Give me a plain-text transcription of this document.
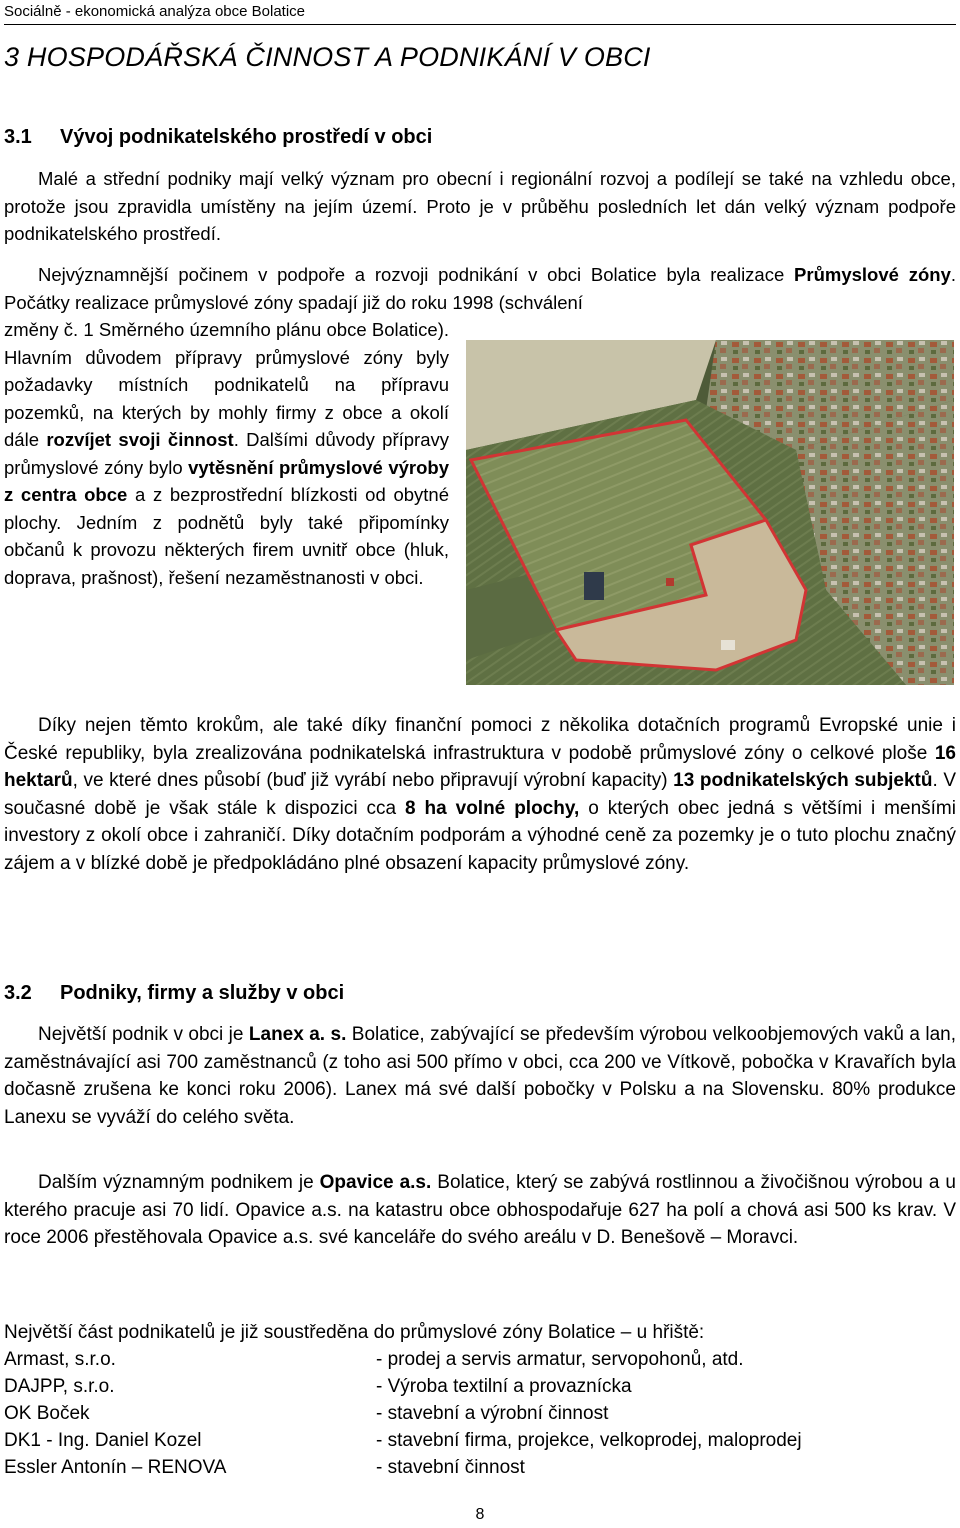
Sociálně - ekonomická analýza obce Bolatice
3 HOSPODÁŘSKÁ ČINNOST A PODNIKÁNÍ V OBCI
3.1 Vývoj podnikatelského prostředí v obci

Malé a střední podniky mají velký význam pro obecní i regionální rozvoj a podílejí se také na vzhledu obce, protože jsou zpravidla umístěny na jejím území. Proto je v průběhu posledních let dán velký význam podpoře podnikatelského prostředí.

Nejvýznamnější počinem v podpoře a rozvoji podnikání v obci Bolatice byla realizace Průmyslové zóny. Počátky realizace průmyslové zóny spadají již do roku 1998 (schválení

změny č. 1 Směrného územního plánu obce Bolatice). Hlavním důvodem přípravy průmyslové zóny byly požadavky místních podnikatelů na přípravu pozemků, na kterých by mohly firmy z obce a okolí dále rozvíjet svoji činnost. Dalšími důvody přípravy průmyslové zóny bylo vytěsnění průmyslové výroby z centra obce a z bezprostřední blízkosti od obytné plochy. Jedním z podnětů byly také připomínky občanů k provozu některých firem uvnitř obce (hluk, doprava, prašnost), řešení nezaměstnanosti v obci.

Díky nejen těmto krokům, ale také díky finanční pomoci z několika dotačních programů Evropské unie i České republiky, byla zrealizována podnikatelská infrastruktura v podobě průmyslové zóny o celkové ploše 16 hektarů, ve které dnes působí (buď již vyrábí nebo připravují výrobní kapacity) 13 podnikatelských subjektů. V současné době je však stále k dispozici cca 8 ha volné plochy, o kterých obec jedná s většími i menšími investory z okolí obce i zahraničí. Díky dotačním podporám a výhodné ceně za pozemky je o tuto plochu značný zájem a v blízké době je předpokládáno plné obsazení kapacity průmyslové zóny.

3.2 Podniky, firmy a služby v obci

Největší podnik v obci je Lanex a. s. Bolatice, zabývající se především výrobou velkoobjemových vaků a lan, zaměstnávající asi 700 zaměstnanců (z toho asi 500 přímo v obci, cca 200 ve Vítkově, pobočka v Kravařích byla dočasně zrušena ke konci roku 2006). Lanex má své další pobočky v Polsku a na Slovensku. 80% produkce Lanexu se vyváží do celého světa.

Dalším významným podnikem je Opavice a.s. Bolatice, který se zabývá rostlinnou a živočišnou výrobou a u kterého pracuje asi 70 lidí. Opavice a.s. na katastru obce obhospodařuje 627 ha polí a chová asi 500 ks krav. V roce 2006 přestěhovala Opavice a.s. své kanceláře do svého areálu v D. Benešově – Moravci.

Největší část podnikatelů je již soustředěna do průmyslové zóny Bolatice – u hřiště:

Armast, s.r.o.	- prodej a servis armatur, servopohonů, atd.
DAJPP, s.r.o.	- Výroba textilní a provazníckа
OK Boček	- stavební a výrobní činnost
DK1 - Ing. Daniel Kozel	- stavební firma, projekce, velkoprodej, maloprodej
Essler Antonín – RENOVA	- stavební činnost
8
